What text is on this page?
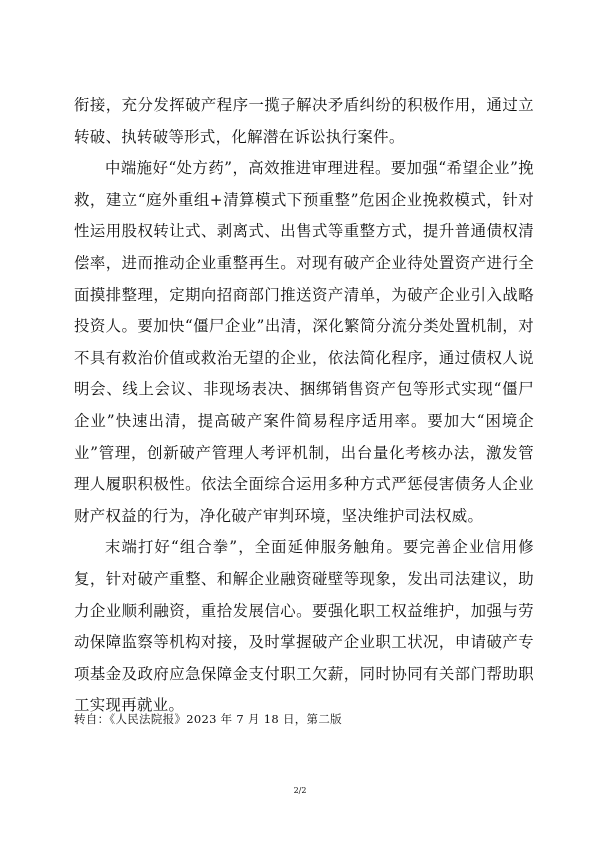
衔接，充分发挥破产程序一揽子解决矛盾纠纷的积极作用，通过立转破、执转破等形式，化解潜在诉讼执行案件。

中端施好“处方药”，高效推进审理进程。要加强“希望企业”挽救，建立“庭外重组+清算模式下预重整”危困企业挽救模式，针对性运用股权转让式、剥离式、出售式等重整方式，提升普通债权清偿率，进而推动企业重整再生。对现有破产企业待处置资产进行全面摸排整理，定期向招商部门推送资产清单，为破产企业引入战略投资人。要加快“僵尸企业”出清，深化繁简分流分类处置机制，对不具有救治价值或救治无望的企业，依法简化程序，通过债权人说明会、线上会议、非现场表决、捆绑销售资产包等形式实现“僵尸企业”快速出清，提高破产案件简易程序适用率。要加大“困境企业”管理，创新破产管理人考评机制，出台量化考核办法，激发管理人履职积极性。依法全面综合运用多种方式严惩侵害债务人企业财产权益的行为，净化破产审判环境，坚决维护司法权威。

末端打好“组合拳”，全面延伸服务触角。要完善企业信用修复，针对破产重整、和解企业融资碰壁等现象，发出司法建议，助力企业顺利融资，重拾发展信心。要强化职工权益维护，加强与劳动保障监察等机构对接，及时掌握破产企业职工状况，申请破产专项基金及政府应急保障金支付职工欠薪，同时协同有关部门帮助职工实现再就业。

转自：《人民法院报》2023 年 7 月 18 日，第二版

2/2
